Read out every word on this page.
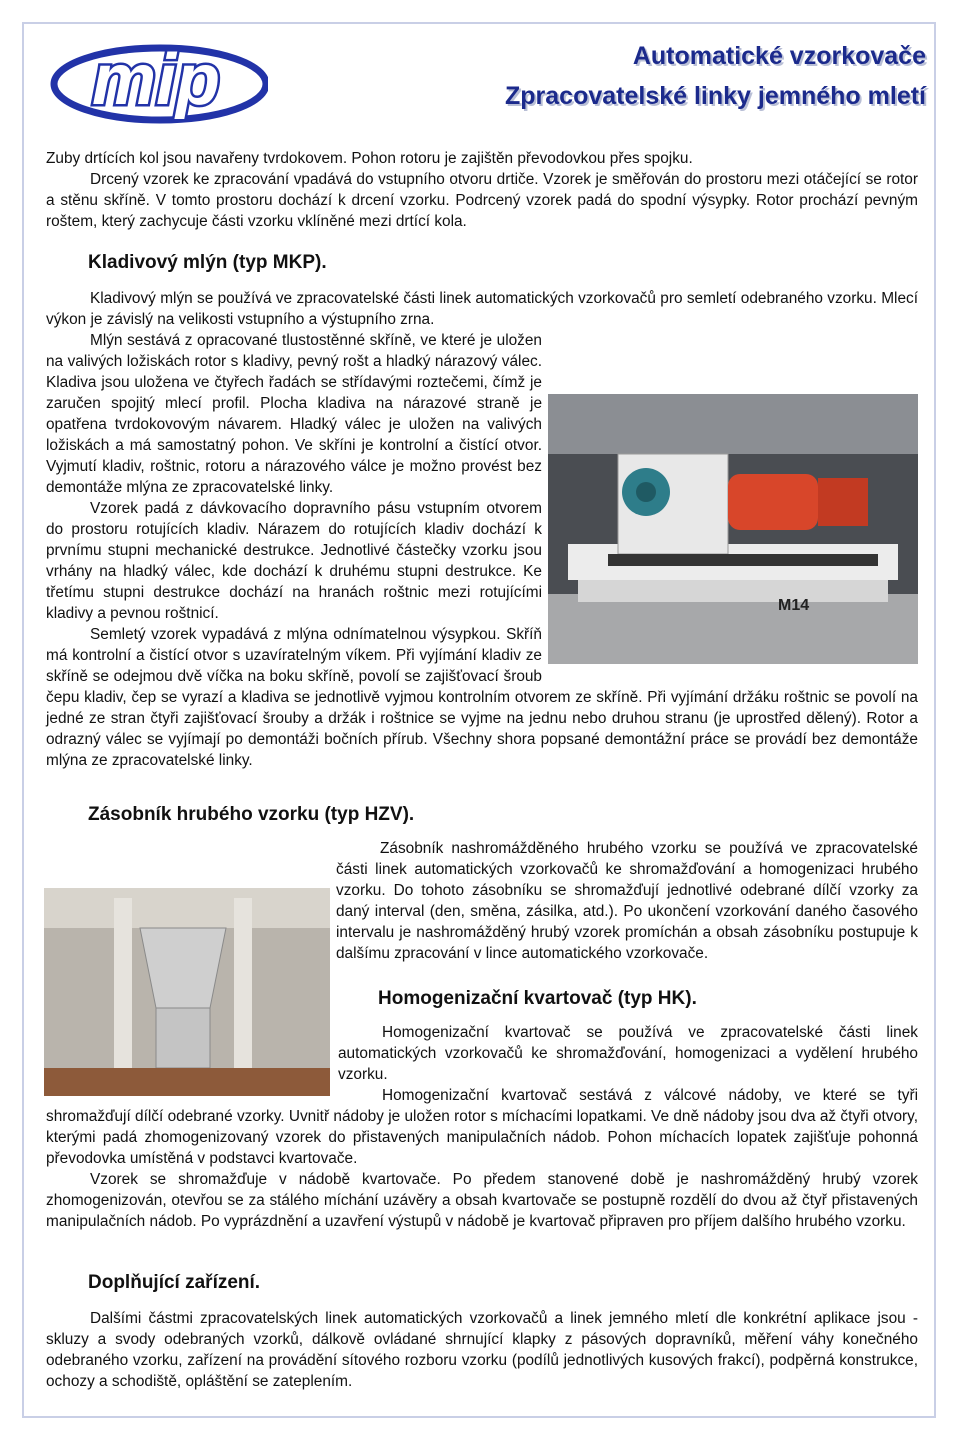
mip	Automatické vzorkovače
Zpracovatelské linky jemného mletí

Zuby drtících kol jsou navařeny tvrdokovem. Pohon rotoru je zajištěn převodovkou přes spojku.

Drcený vzorek ke zpracování vpadává do vstupního otvoru drtiče. Vzorek je směřován do prostoru mezi otáčející se rotor a stěnu skříně. V tomto prostoru dochází k drcení vzorku. Podrcený vzorek padá do spodní výsypky. Rotor prochází pevným roštem, který zachycuje části vzorku vklíněné mezi drtící kola.

Kladivový mlýn (typ MKP).

Kladivový mlýn se používá ve zpracovatelské části linek automatických vzorkovačů pro semletí odebraného vzorku. Mlecí výkon je závislý na velikosti vstupního a výstupního zrna.

M14

Mlýn sestává z opracované tlustostěnné skříně, ve které je uložen na valivých ložiskách rotor s kladivy, pevný rošt a hladký nárazový válec. Kladiva jsou uložena ve čtyřech řadách se střídavými roztečemi, čímž je zaručen spojitý mlecí profil. Plocha kladiva na nárazové straně je opatřena tvrdokovovým návarem. Hladký válec je uložen na valivých ložiskách a má samostatný pohon. Ve skříni je kontrolní a čistící otvor. Vyjmutí kladiv, roštnic, rotoru a nárazového válce je možno provést bez demontáže mlýna ze zpracovatelské linky.

Vzorek padá z dávkovacího dopravního pásu vstupním otvorem do prostoru rotujících kladiv. Nárazem do rotujících kladiv dochází k prvnímu stupni mechanické destrukce. Jednotlivé částečky vzorku jsou vrhány na hladký válec, kde dochází k druhému stupni destrukce. Ke třetímu stupni destrukce dochází na hranách roštnic mezi rotujícími kladivy a pevnou roštnicí.

Semletý vzorek vypadává z mlýna odnímatelnou výsypkou. Skříň má kontrolní a čistící otvor s uzavíratelným víkem. Při vyjímání kladiv ze skříně se odejmou dvě víčka na boku skříně, povolí se zajišťovací šroub čepu kladiv, čep se vyrazí a kladiva se jednotlivě vyjmou kontrolním otvorem ze skříně. Při vyjímání držáku roštnic se povolí na jedné ze stran čtyři zajišťovací šrouby a držák i roštnice se vyjme na jednu nebo druhou stranu (je uprostřed dělený). Rotor a odrazný válec se vyjímají po demontáži bočních přírub. Všechny shora popsané demontážní práce se provádí bez demontáže mlýna ze zpracovatelské linky.

Zásobník hrubého vzorku (typ HZV).

Zásobník nashromážděného hrubého vzorku se používá ve zpracovatelské části linek automatických vzorkovačů ke shromažďování a homogenizaci hrubého vzorku. Do tohoto zásobníku se shromažďují jednotlivé odebrané dílčí vzorky za daný interval (den, směna, zásilka, atd.). Po ukončení vzorkování daného časového intervalu je nashromážděný hrubý vzorek promíchán a obsah zásobníku postupuje k dalšímu zpracování v lince automatického vzorkovače.

Homogenizační kvartovač (typ HK).

Homogenizační kvartovač se používá ve zpracovatelské části linek automatických vzorkovačů ke shromažďování, homogenizaci a vydělení hrubého vzorku.

Homogenizační kvartovač sestává z válcové nádoby, ve které se tyři shromažďují dílčí odebrané vzorky. Uvnitř nádoby je uložen rotor s míchacími lopatkami. Ve dně nádoby jsou dva až čtyři otvory, kterými padá zhomogenizovaný vzorek do přistavených manipulačních nádob. Pohon míchacích lopatek zajišťuje pohonná převodovka umístěná v podstavci kvartovače.

Vzorek se shromažďuje v nádobě kvartovače. Po předem stanovené době je nashromážděný hrubý vzorek zhomogenizován, otevřou se za stálého míchání uzávěry a obsah kvartovače se postupně rozdělí do dvou až čtyř přistavených manipulačních nádob. Po vyprázdnění a uzavření výstupů v nádobě je kvartovač připraven pro příjem dalšího hrubého vzorku.

Doplňující zařízení.

Dalšími částmi zpracovatelských linek automatických vzorkovačů a linek jemného mletí dle konkrétní aplikace jsou - skluzy a svody odebraných vzorků, dálkově ovládané shrnující klapky z pásových dopravníků, měření váhy konečného odebraného vzorku, zařízení na provádění sítového rozboru vzorku (podílů jednotlivých kusových frakcí), podpěrná konstrukce, ochozy a schodiště, opláštění se zateplením.
